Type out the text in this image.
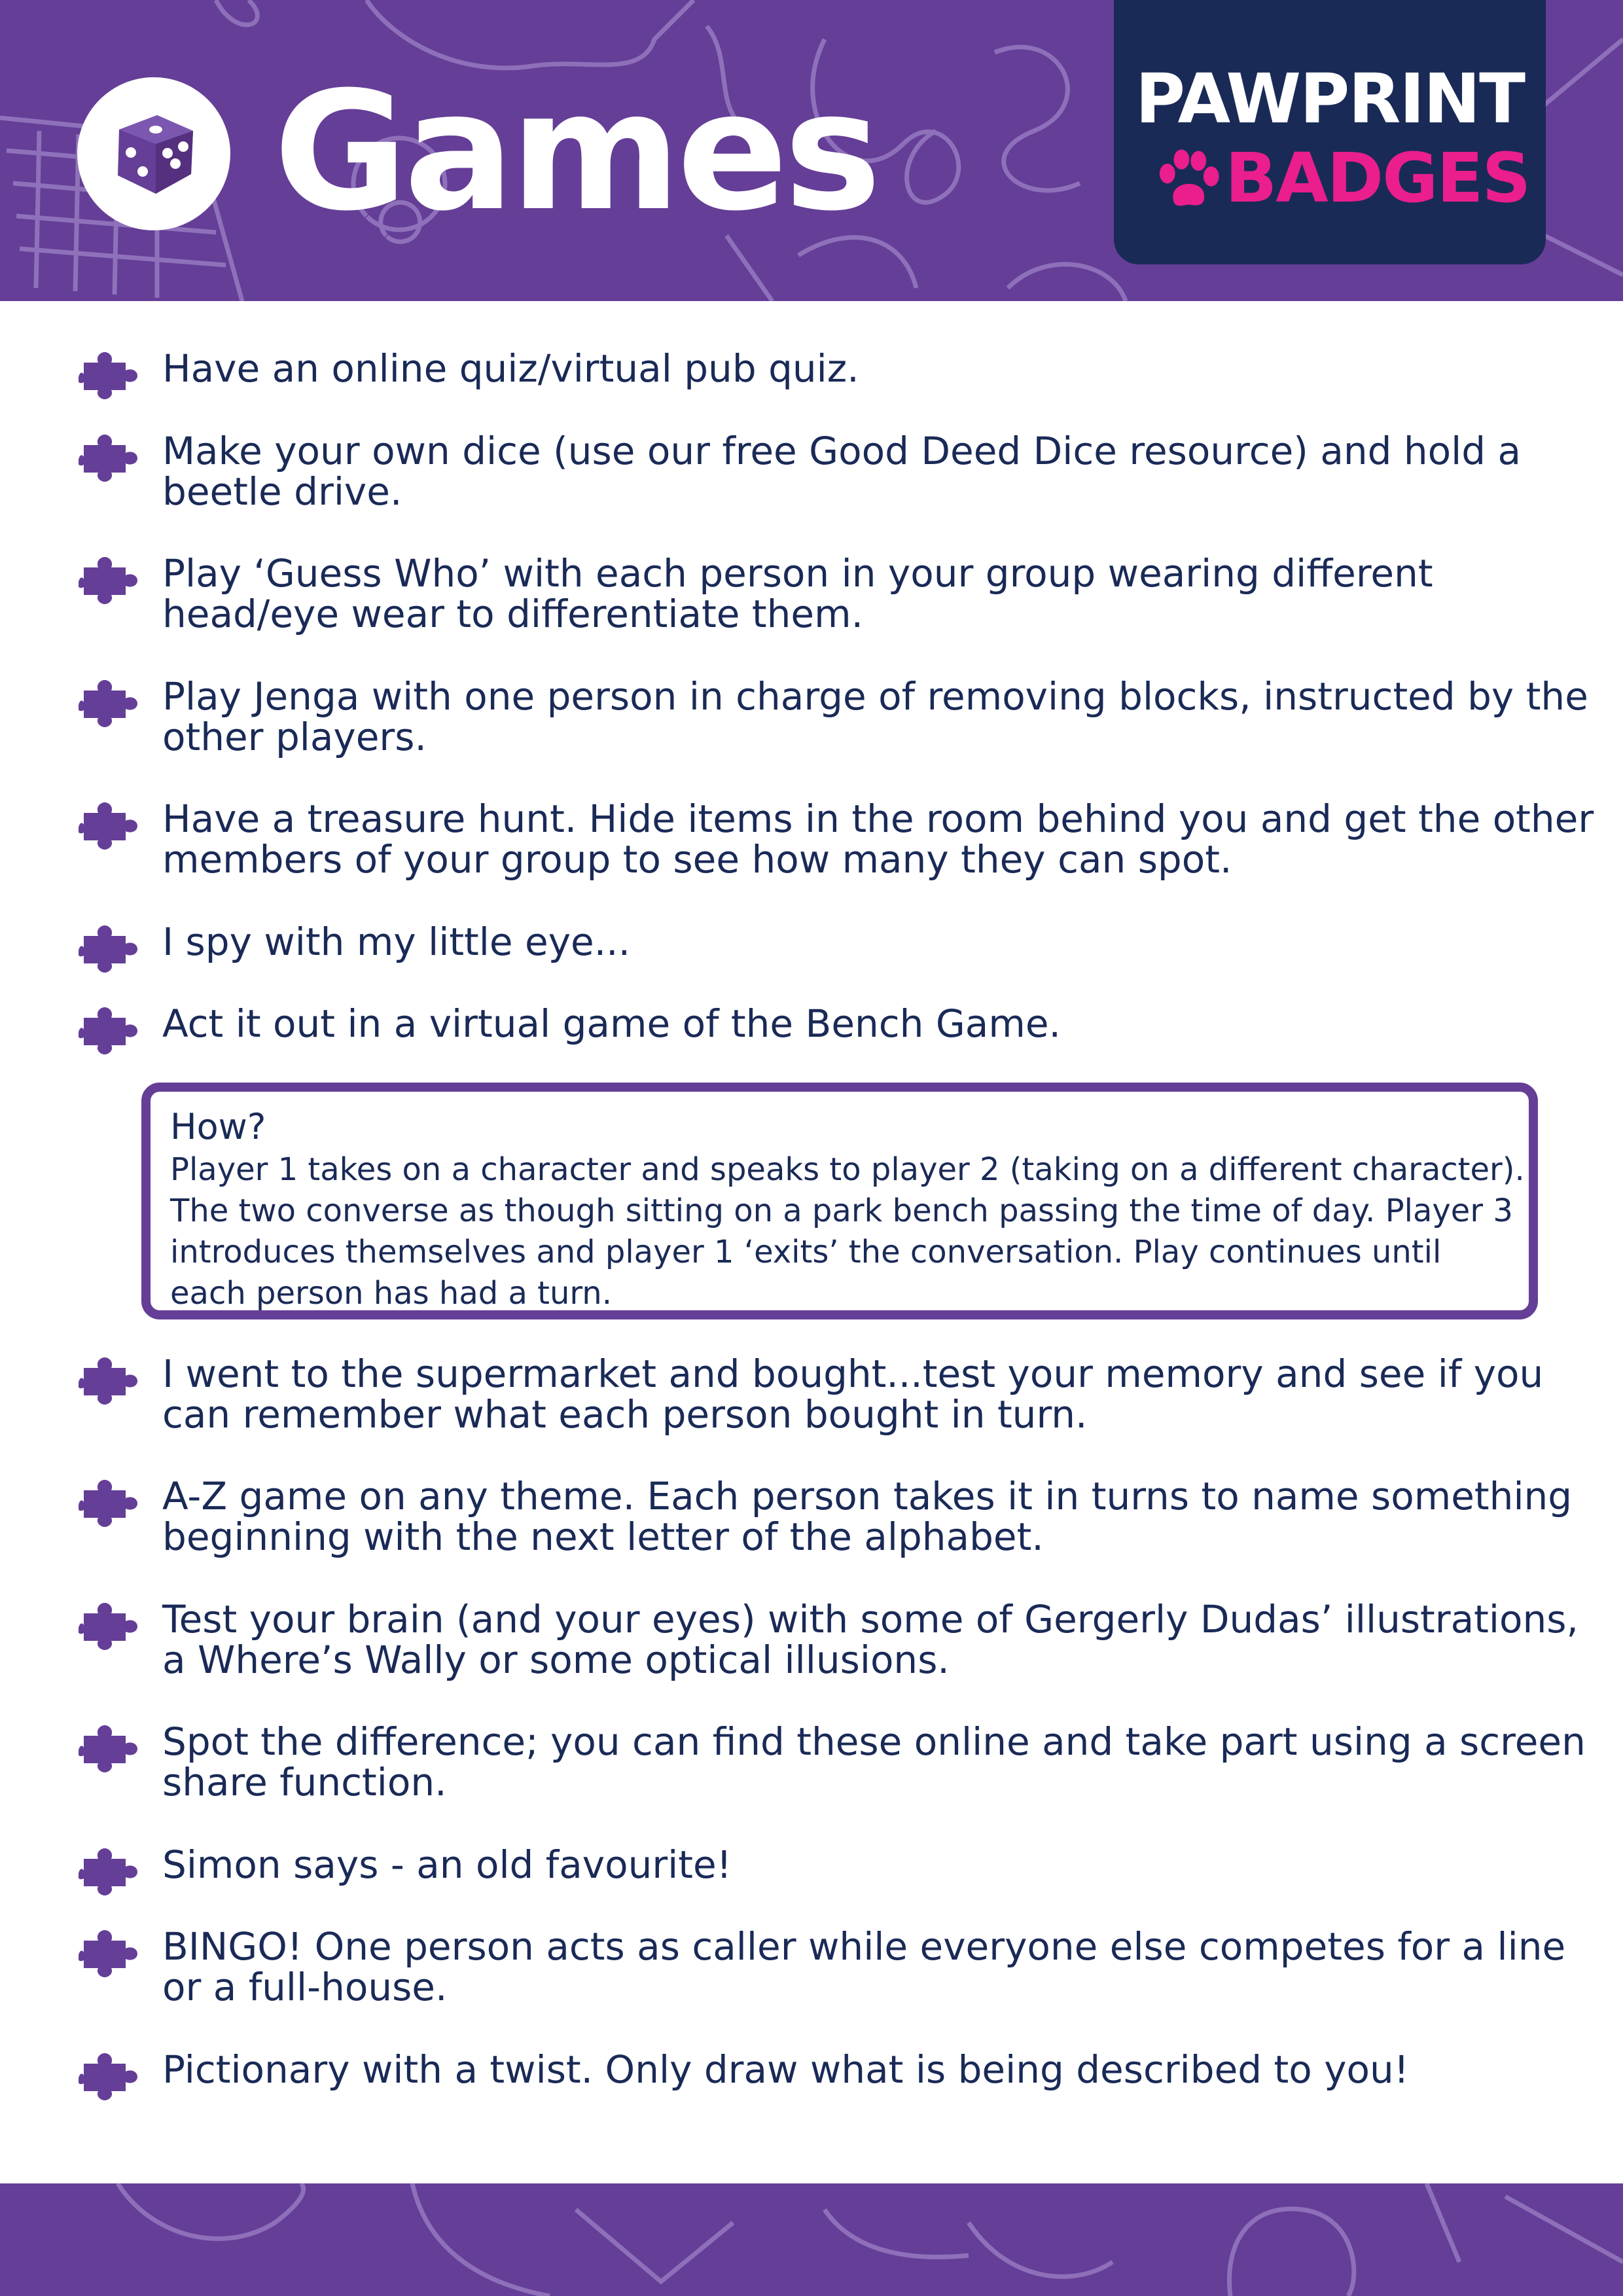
Games	PAWPRINT
BADGES

Have an online quiz/virtual pub quiz.

Make your own dice (use our free Good Deed Dice resource) and hold a beetle drive.

Play ‘Guess Who’ with each person in your group wearing different head/eye wear to differentiate them.

Play Jenga with one person in charge of removing blocks, instructed by the other players.

Have a treasure hunt. Hide items in the room behind you and get the other members of your group to see how many they can spot.

I spy with my little eye...

Act it out in a virtual game of the Bench Game.

How?

Player 1 takes on a character and speaks to player 2 (taking on a different character). The two converse as though sitting on a park bench passing the time of day. Player 3 introduces themselves and player 1 ‘exits’ the conversation. Play continues until each person has had a turn.

I went to the supermarket and bought...test your memory and see if you can remember what each person bought in turn.

A-Z game on any theme. Each person takes it in turns to name something beginning with the next letter of the alphabet.

Test your brain (and your eyes) with some of Gergerly Dudas’ illustrations, a Where’s Wally or some optical illusions.

Spot the difference; you can find these online and take part using a screen share function.

Simon says - an old favourite!

BINGO! One person acts as caller while everyone else competes for a line or a full-house.

Pictionary with a twist. Only draw what is being described to you!
